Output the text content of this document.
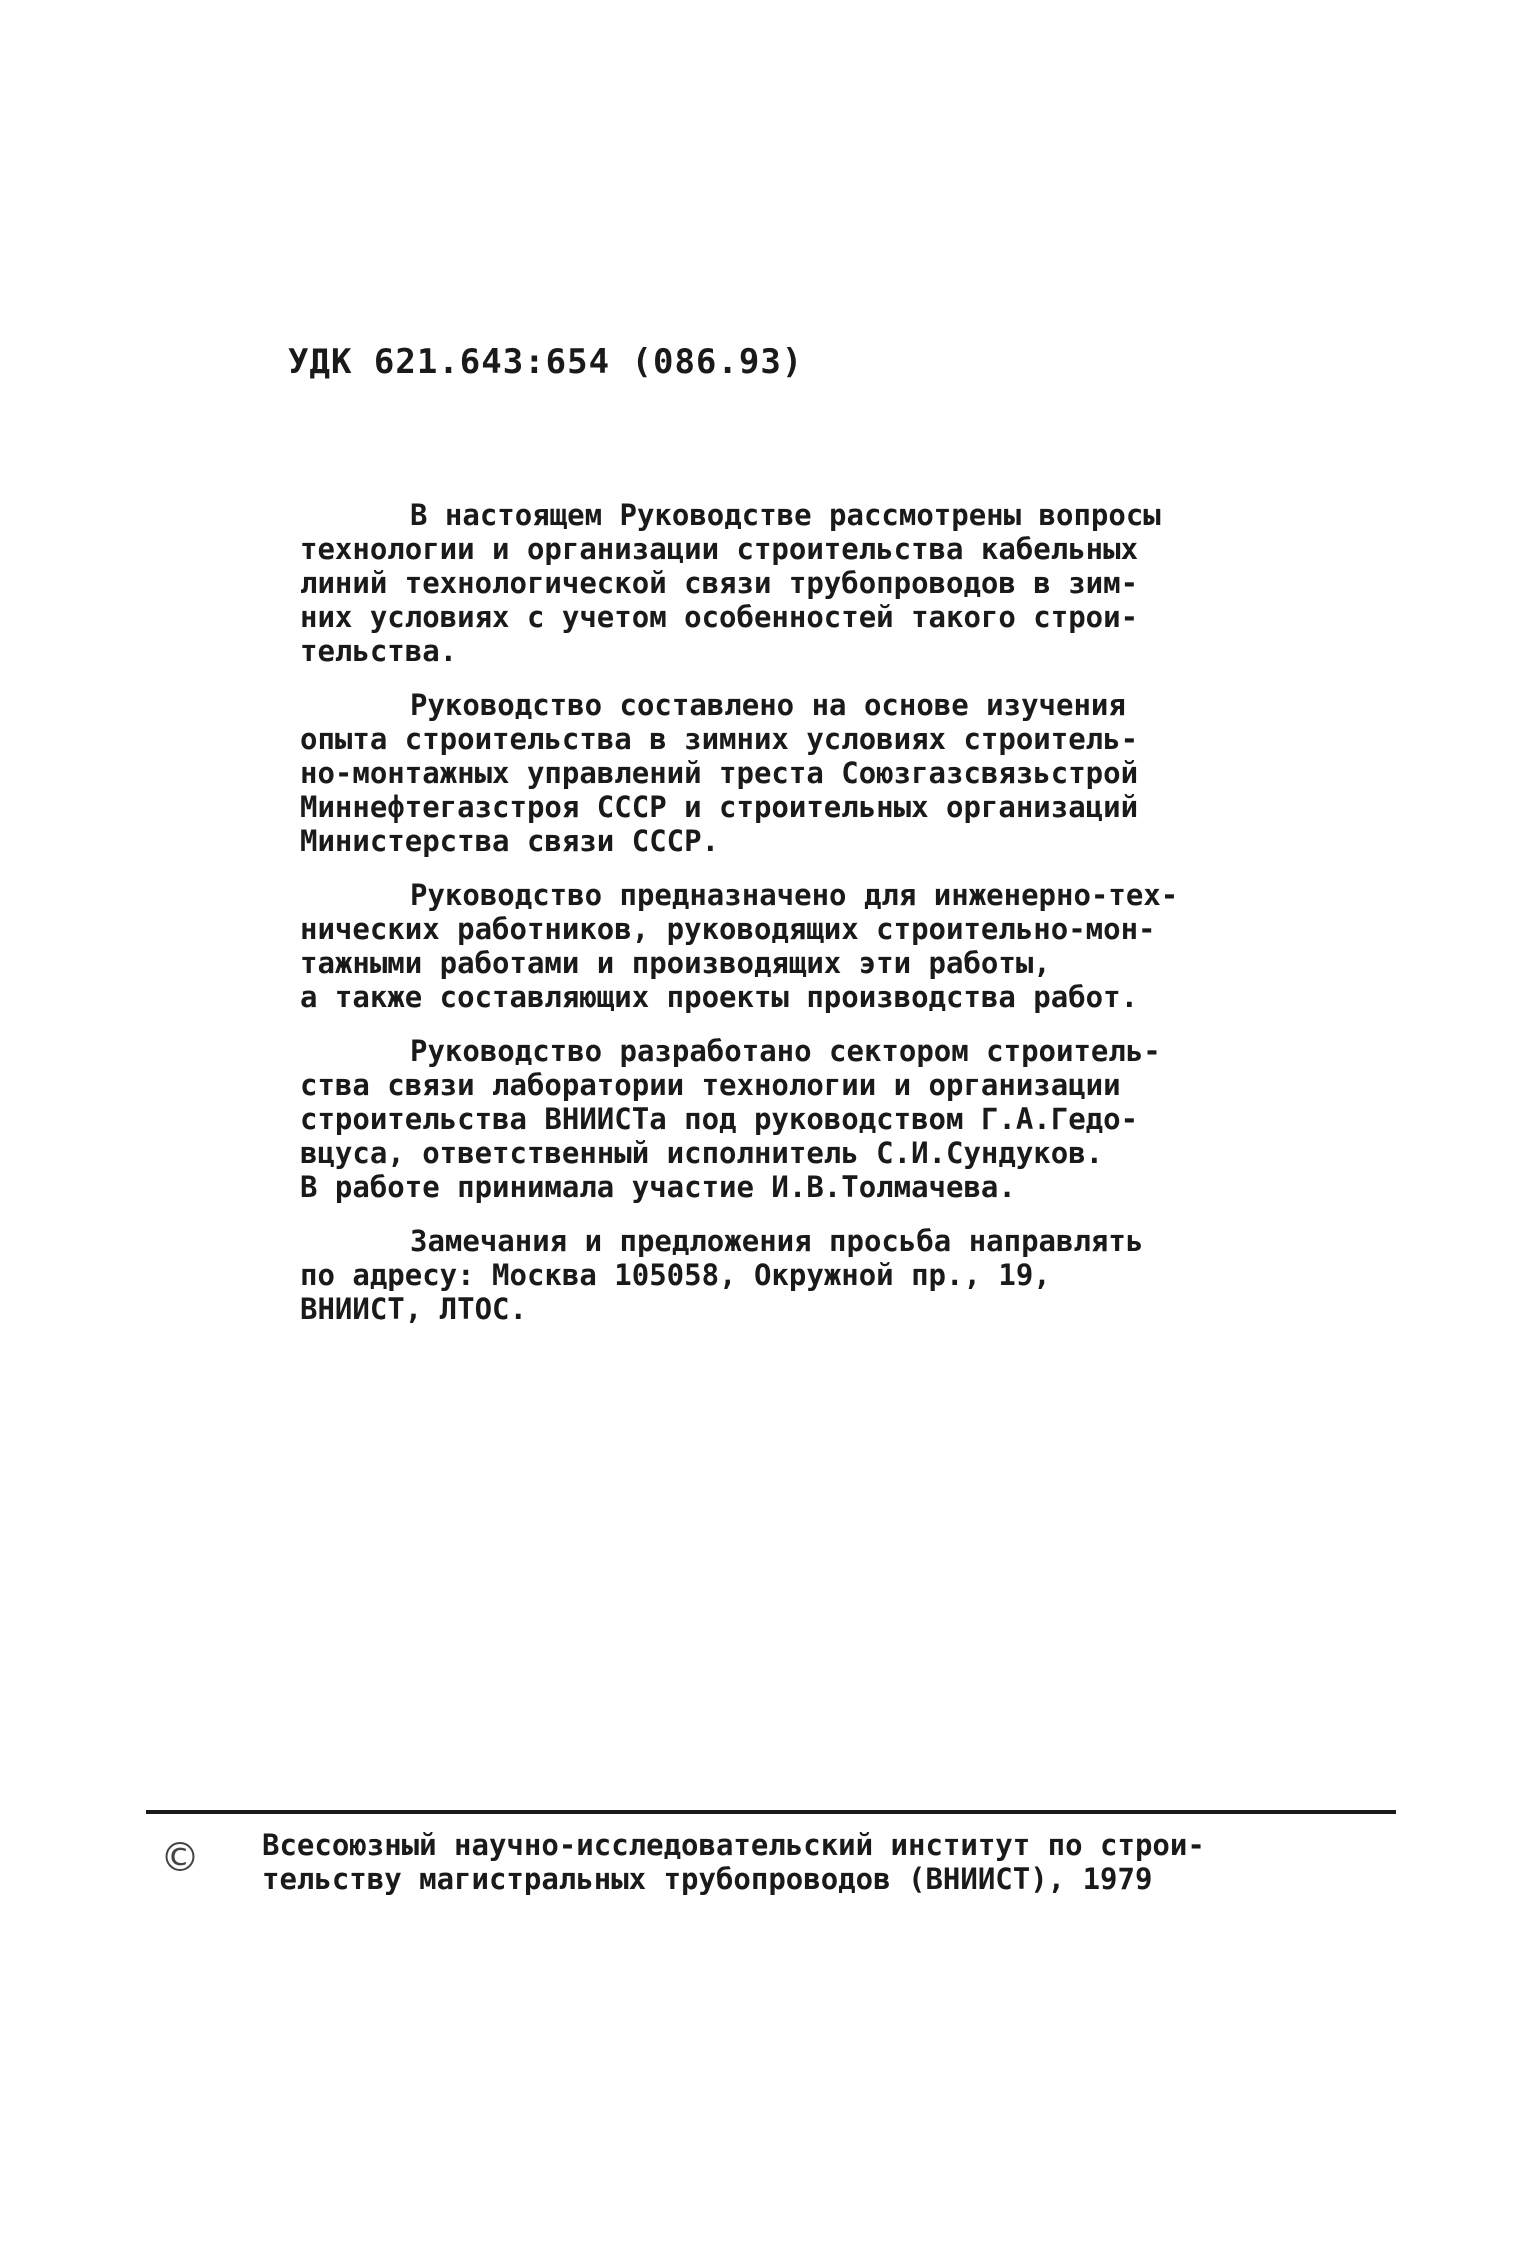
УДК 621.643:654 (086.93)

В настоящем Руководстве рассмотрены вопросы
технологии и организации строительства кабельных
линий технологической связи трубопроводов в зим-
них условиях с учетом особенностей такого строи-
тельства.

Руководство составлено на основе изучения
опыта строительства в зимних условиях строитель-
но-монтажных управлений треста Союзгазсвязьстрой
Миннефтегазстроя СССР и строительных организаций
Министерства связи СССР.

Руководство предназначено для инженерно-тех-
нических работников, руководящих строительно-мон-
тажными работами и производящих эти работы,
а также составляющих проекты производства работ.

Руководство разработано сектором строитель-
ства связи лаборатории технологии и организации
строительства ВНИИСТа под руководством Г.А.Гедо-
вцуса, ответственный исполнитель С.И.Сундуков.
В работе принимала участие И.В.Толмачева.

Замечания и предложения просьба направлять
по адресу: Москва 105058, Окружной пр., 19,
ВНИИСТ, ЛТОС.

© Всесоюзный научно-исследовательский институт по строи-
тельству магистральных трубопроводов (ВНИИСТ), 1979
